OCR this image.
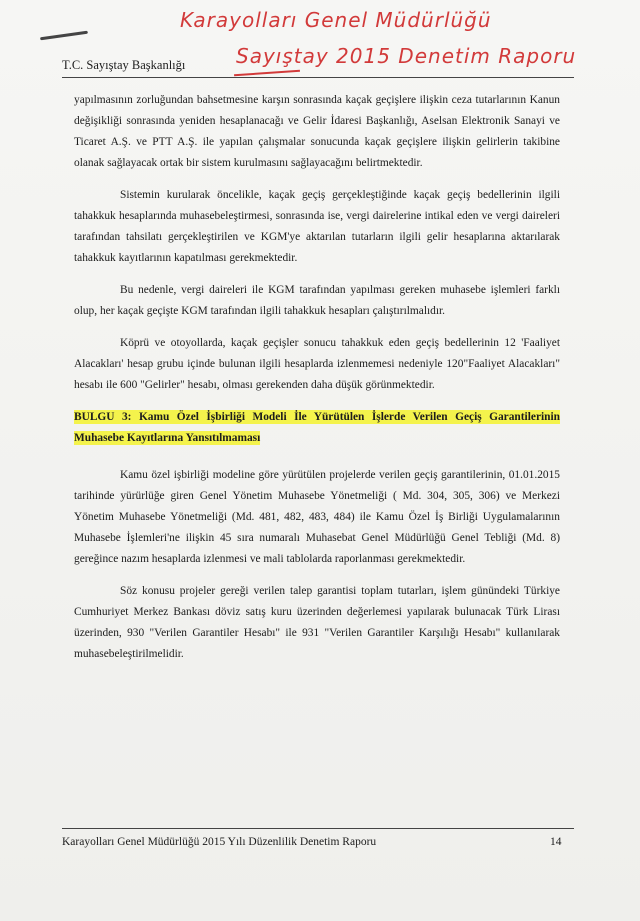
Karayolları Genel Müdürlüğü
Sayıştay 2015 Denetim Raporu
T.C. Sayıştay Başkanlığı

yapılmasının zorluğundan bahsetmesine karşın sonrasında kaçak geçişlere ilişkin ceza tutarlarının Kanun değişikliği sonrasında yeniden hesaplanacağı ve Gelir İdaresi Başkanlığı, Aselsan Elektronik Sanayi ve Ticaret A.Ş. ve PTT A.Ş. ile yapılan çalışmalar sonucunda kaçak geçişlere ilişkin gelirlerin takibine olanak sağlayacak ortak bir sistem kurulmasını sağlayacağını belirtmektedir.

Sistemin kurularak öncelikle, kaçak geçiş gerçekleştiğinde kaçak geçiş bedellerinin ilgili tahakkuk hesaplarında muhasebeleştirmesi, sonrasında ise, vergi dairelerine intikal eden ve vergi daireleri tarafından tahsilatı gerçekleştirilen ve KGM'ye aktarılan tutarların ilgili gelir hesaplarına aktarılarak tahakkuk kayıtlarının kapatılması gerekmektedir.

Bu nedenle, vergi daireleri ile KGM tarafından yapılması gereken muhasebe işlemleri farklı olup, her kaçak geçişte KGM tarafından ilgili tahakkuk hesapları çalıştırılmalıdır.

Köprü ve otoyollarda, kaçak geçişler sonucu tahakkuk eden geçiş bedellerinin 12 'Faaliyet Alacakları' hesap grubu içinde bulunan ilgili hesaplarda izlenmemesi nedeniyle 120"Faaliyet Alacakları" hesabı ile 600 "Gelirler" hesabı, olması gerekenden daha düşük görünmektedir.

BULGU 3: Kamu Özel İşbirliği Modeli İle Yürütülen İşlerde Verilen Geçiş Garantilerinin Muhasebe Kayıtlarına Yansıtılmaması

Kamu özel işbirliği modeline göre yürütülen projelerde verilen geçiş garantilerinin, 01.01.2015 tarihinde yürürlüğe giren Genel Yönetim Muhasebe Yönetmeliği ( Md. 304, 305, 306) ve Merkezi Yönetim Muhasebe Yönetmeliği (Md. 481, 482, 483, 484) ile Kamu Özel İş Birliği Uygulamalarının Muhasebe İşlemleri'ne ilişkin 45 sıra numaralı Muhasebat Genel Müdürlüğü Genel Tebliği (Md. 8) gereğince nazım hesaplarda izlenmesi ve mali tablolarda raporlanması gerekmektedir.

Söz konusu projeler gereği verilen talep garantisi toplam tutarları, işlem günündeki Türkiye Cumhuriyet Merkez Bankası döviz satış kuru üzerinden değerlemesi yapılarak bulunacak Türk Lirası üzerinden, 930 "Verilen Garantiler Hesabı" ile 931 "Verilen Garantiler Karşılığı Hesabı" kullanılarak muhasebeleştirilmelidir.

Karayolları Genel Müdürlüğü 2015 Yılı Düzenlilik Denetim Raporu	14
